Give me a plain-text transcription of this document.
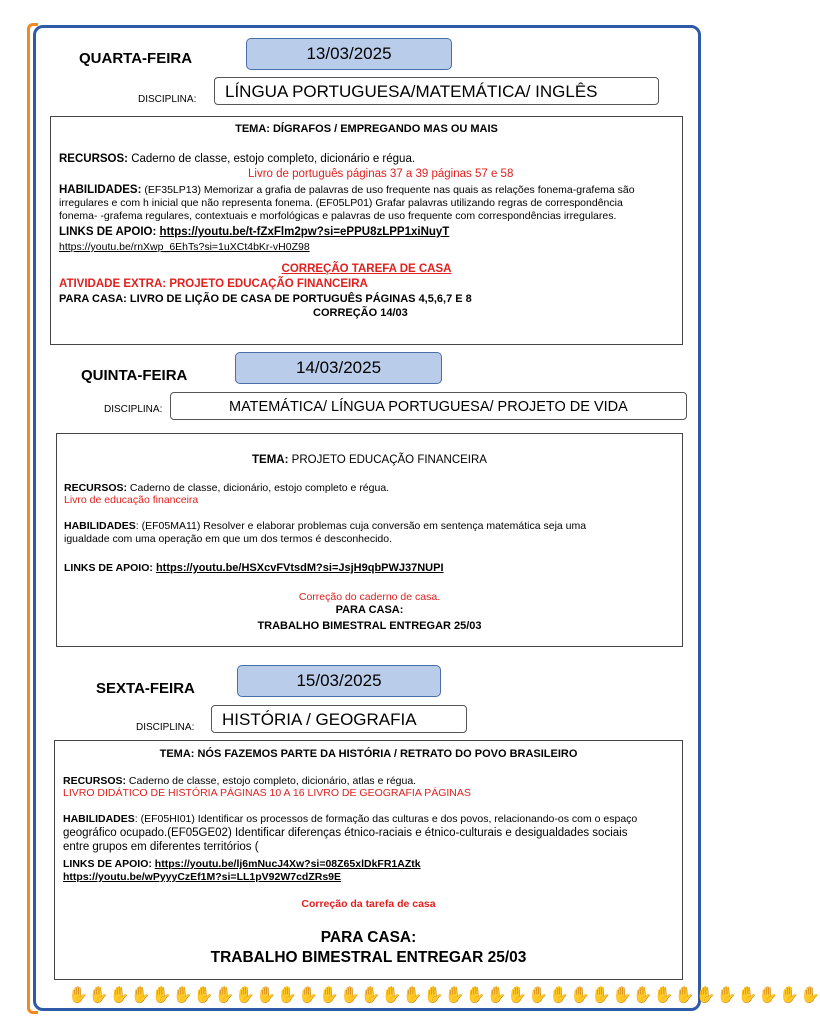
QUARTA-FEIRA	13/03/2025
DISCIPLINA:	LÍNGUA PORTUGUESA/MATEMÁTICA/ INGLÊS
TEMA: DÍGRAFOS / EMPREGANDO MAS OU MAIS
RECURSOS: Caderno de classe, estojo completo, dicionário e régua.
Livro de português páginas 37 a 39 páginas 57 e 58
HABILIDADES: (EF35LP13) Memorizar a grafia de palavras de uso frequente nas quais as relações fonema-grafema são
irregulares e com h inicial que não representa fonema. (EF05LP01) Grafar palavras utilizando regras de correspondência
fonema- -grafema regulares, contextuais e morfológicas e palavras de uso frequente com correspondências irregulares.
LINKS DE APOIO: https://youtu.be/t-fZxFlm2pw?si=ePPU8zLPP1xiNuyT
https://youtu.be/rnXwp_6EhTs?si=1uXCt4bKr-vH0Z98
CORREÇÃO TAREFA DE CASA
ATIVIDADE EXTRA: PROJETO EDUCAÇÃO FINANCEIRA
PARA CASA: LIVRO DE LIÇÃO DE CASA DE PORTUGUÊS PÁGINAS 4,5,6,7 E 8
CORREÇÃO 14/03
QUINTA-FEIRA	14/03/2025
DISCIPLINA:	MATEMÁTICA/ LÍNGUA PORTUGUESA/ PROJETO DE VIDA
TEMA: PROJETO EDUCAÇÃO FINANCEIRA
RECURSOS: Caderno de classe, dicionário, estojo completo e régua.
Livro de educação financeira
HABILIDADES: (EF05MA11) Resolver e elaborar problemas cuja conversão em sentença matemática seja uma
igualdade com uma operação em que um dos termos é desconhecido.
LINKS DE APOIO: https://youtu.be/HSXcvFVtsdM?si=JsjH9qbPWJ37NUPI
Correção do caderno de casa.
PARA CASA:
TRABALHO BIMESTRAL ENTREGAR 25/03
SEXTA-FEIRA	15/03/2025
DISCIPLINA:	HISTÓRIA / GEOGRAFIA
TEMA: NÓS FAZEMOS PARTE DA HISTÓRIA / RETRATO DO POVO BRASILEIRO
RECURSOS: Caderno de classe, estojo completo, dicionário, atlas e régua.
LIVRO DIDÁTICO DE HISTÓRIA PÁGINAS 10 A 16 LIVRO DE GEOGRAFIA PÁGINAS
HABILIDADES: (EF05HI01) Identificar os processos de formação das culturas e dos povos, relacionando-os com o espaço
geográfico ocupado.(EF05GE02) Identificar diferenças étnico-raciais e étnico-culturais e desigualdades sociais
entre grupos em diferentes territórios (
LINKS DE APOIO: https://youtu.be/lj6mNucJ4Xw?si=08Z65xlDkFR1AZtk
https://youtu.be/wPyyyCzEf1M?si=LL1pV92W7cdZRs9E
Correção da tarefa de casa
PARA CASA:
TRABALHO BIMESTRAL ENTREGAR 25/03
✋ ✋ ✋ ✋ ✋ ✋ ✋ ✋ ✋ ✋ ✋ ✋ ✋ ✋ ✋ ✋ ✋ ✋ ✋ ✋ ✋ ✋ ✋ ✋ ✋ ✋ ✋ ✋ ✋ ✋ ✋ ✋ ✋ ✋ ✋ ✋
